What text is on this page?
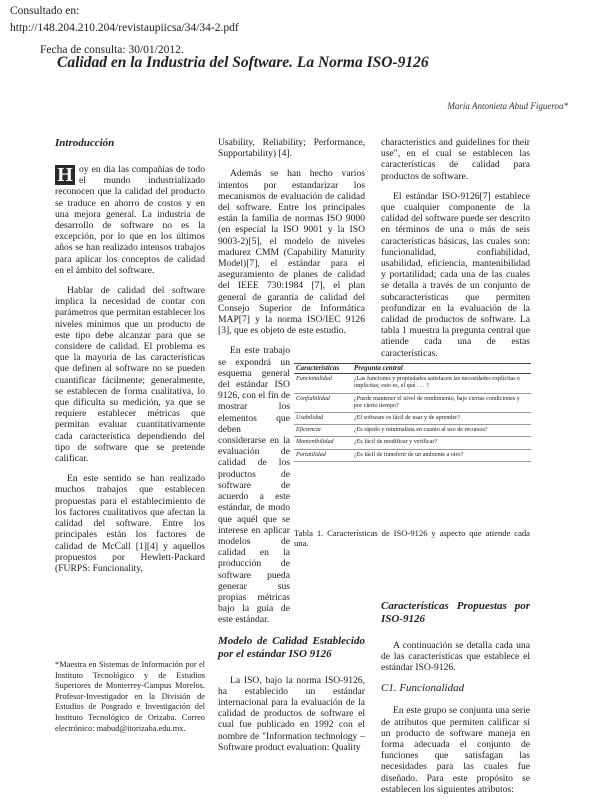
Consultado en:
http://148.204.210.204/revistaupiicsa/34/34-2.pdf
Fecha de consulta: 30/01/2012.
Calidad en la Industria del Software. La Norma ISO-9126
María Antonieta Abud Figueroa*
Introducción

H oy en día las compañías de todo el mundo industrializado reconocen que la calidad del producto se traduce en ahorro de costos y en una mejora general. La industria de desarrollo de software no es la excepción, por lo que en los últimos años se han realizado intensos trabajos para aplicar los conceptos de calidad en el ámbito del software.

Hablar de calidad del software implica la necesidad de contar con parámetros que permitan establecer los niveles mínimos que un producto de este tipo debe alcanzar para que se considere de calidad. El problema es que la mayoría de las características que definen al software no se pueden cuantificar fácilmente; generalmente, se establecen de forma cualitativa, lo que dificulta su medición, ya que se requiere establecer métricas que permitan evaluar cuantitativamente cada característica dependiendo del tipo de software que se pretende calificar.

En este sentido se han realizado muchos trabajos que establecen propuestas para el establecimiento de los factores cualitativos que afectan la calidad del software. Entre los principales están los factores de calidad de McCall [1][4] y aquellos propuestos por Hewlett-Packard (FURPS: Funcionality,

*Maestra en Sistemas de Información por el Instituto Tecnológico y de Estudios Superiores de Monterrey-Campus Morelos. Profesor-Investigador en la División de Estudios de Posgrado e Investigación del Instituto Tecnológico de Orizaba. Correo electrónico: mabud@itorizaba.edu.mx.

Usability, Reliability; Performance, Supportability) [4].

Además se han hecho varios intentos por estandarizar los mecanismos de evaluación de calidad del software. Entre los principales están la familia de normas ISO 9000 (en especial la ISO 9001 y la ISO 9003-2)[5], el modelo de niveles madurez CMM (Capability Maturity Model)[7], el estándar para el aseguramiento de planes de calidad del IEEE 730:1984 [7], el plan general de garantía de calidad del Consejo Superior de Informática MAP[7] y la norma ISO/IEC 9126 [3], que es objeto de este estudio.

En este trabajo se expondrá un esquema general del estándar ISO 9126, con el fin de mostrar los elementos que deben considerarse en la evaluación de calidad de los productos de software de acuerdo a este estándar, de modo que aquél que se interese en aplicar modelos de calidad en la producción de software pueda generar sus propias métricas bajo la guía de este estándar.

Modelo de Calidad Establecido por el estándar ISO 9126

La ISO, bajo la norma ISO-9126, ha establecido un estándar internacional para la evaluación de la calidad de productos de software el cual fue publicado en 1992 con el nombre de "Information technology –Software product evaluation: Quality

Características	Pregunta central
Funcionalidad	¿Las funciones y propiedades satisfacen las necesidades explícitas e implícitas; esto es, el qué . . . ?
Confiabilidad	¿Puede mantener el nivel de rendimiento, bajo ciertas condiciones y por cierto tiempo?
Usabilidad	¿El software es fácil de usar y de aprender?
Eficiencia	¿Es rápido y minimalista en cuanto al uso de recursos?
Mantenibilidad	¿Es fácil de modificar y verificar?
Portatilidad	¿Es fácil de transferir de un ambiente a otro?
Tabla 1. Características de ISO-9126 y aspecto que atiende cada una.

characteristics and guidelines for their use", en el cual se establecen las características de calidad para productos de software.

El estándar ISO-9126[7] establece que cualquier componente de la calidad del software puede ser descrito en términos de una o más de seis características básicas, las cuales son: funcionalidad, confiabilidad, usabilidad, eficiencia, mantenibilidad y portatilidad; cada una de las cuales se detalla a través de un conjunto de subcaracterísticas que permiten profundizar en la evaluación de la calidad de productos de software. La tabla 1 muestra la pregunta central que atiende cada una de estas características.

Características Propuestas por ISO-9126

A continuación se detalla cada una de las características que establece el estándar ISO-9126.

C1. Funcionalidad

En este grupo se conjunta una serie de atributos que permiten calificar si un producto de software maneja en forma adecuada el conjunto de funciones que satisfagan las necesidades para las cuales fue diseñado. Para este propósito se establecen los siguientes atributos:
